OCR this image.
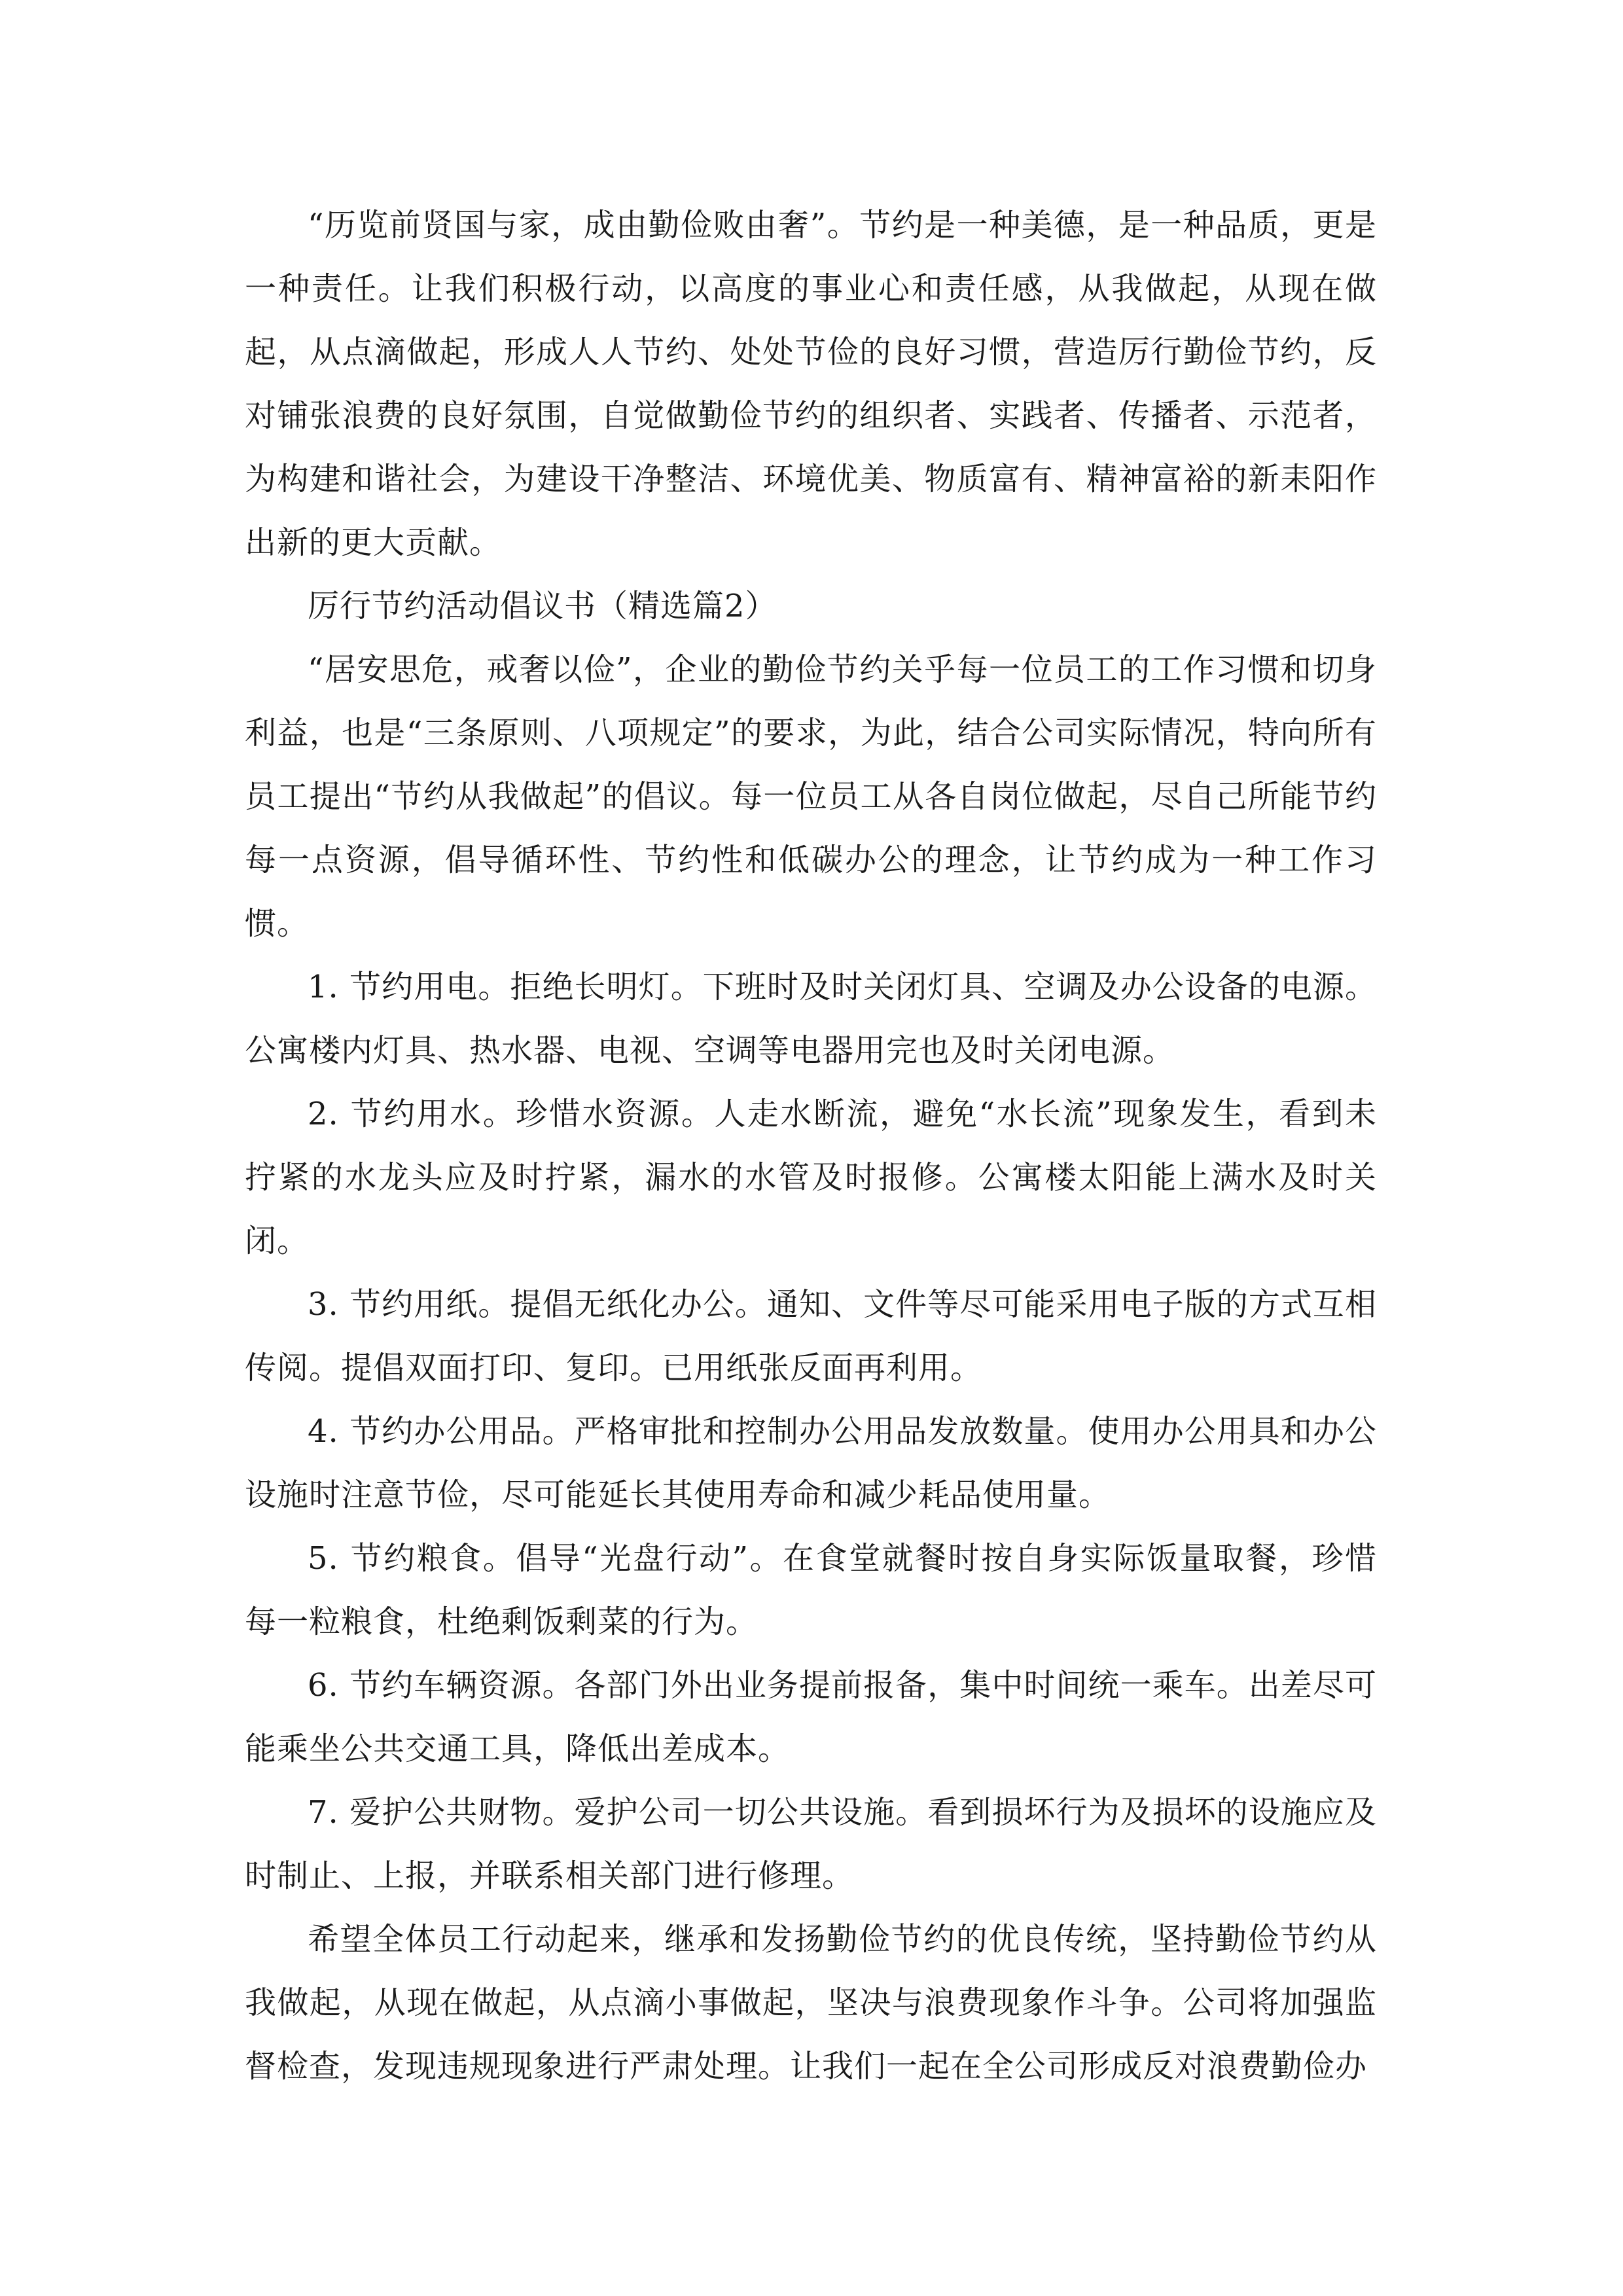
“历览前贤国与家，成由勤俭败由奢”。节约是一种美德，是一种品质，更是一种责任。让我们积极行动，以高度的事业心和责任感，从我做起，从现在做起，从点滴做起，形成人人节约、处处节俭的良好习惯，营造厉行勤俭节约，反对铺张浪费的良好氛围，自觉做勤俭节约的组织者、实践者、传播者、示范者，为构建和谐社会，为建设干净整洁、环境优美、物质富有、精神富裕的新耒阳作出新的更大贡献。

厉行节约活动倡议书（精选篇2）

“居安思危，戒奢以俭”，企业的勤俭节约关乎每一位员工的工作习惯和切身利益，也是“三条原则、八项规定”的要求，为此，结合公司实际情况，特向所有员工提出“节约从我做起”的倡议。每一位员工从各自岗位做起，尽自己所能节约每一点资源，倡导循环性、节约性和低碳办公的理念，让节约成为一种工作习惯。

1. 节约用电。拒绝长明灯。下班时及时关闭灯具、空调及办公设备的电源。公寓楼内灯具、热水器、电视、空调等电器用完也及时关闭电源。

2. 节约用水。珍惜水资源。人走水断流，避免“水长流”现象发生，看到未拧紧的水龙头应及时拧紧，漏水的水管及时报修。公寓楼太阳能上满水及时关闭。

3. 节约用纸。提倡无纸化办公。通知、文件等尽可能采用电子版的方式互相传阅。提倡双面打印、复印。已用纸张反面再利用。

4. 节约办公用品。严格审批和控制办公用品发放数量。使用办公用具和办公设施时注意节俭，尽可能延长其使用寿命和减少耗品使用量。

5. 节约粮食。倡导“光盘行动”。在食堂就餐时按自身实际饭量取餐，珍惜每一粒粮食，杜绝剩饭剩菜的行为。

6. 节约车辆资源。各部门外出业务提前报备，集中时间统一乘车。出差尽可能乘坐公共交通工具，降低出差成本。

7. 爱护公共财物。爱护公司一切公共设施。看到损坏行为及损坏的设施应及时制止、上报，并联系相关部门进行修理。

希望全体员工行动起来，继承和发扬勤俭节约的优良传统，坚持勤俭节约从我做起，从现在做起，从点滴小事做起，坚决与浪费现象作斗争。公司将加强监督检查，发现违规现象进行严肃处理。让我们一起在全公司形成反对浪费勤俭办
